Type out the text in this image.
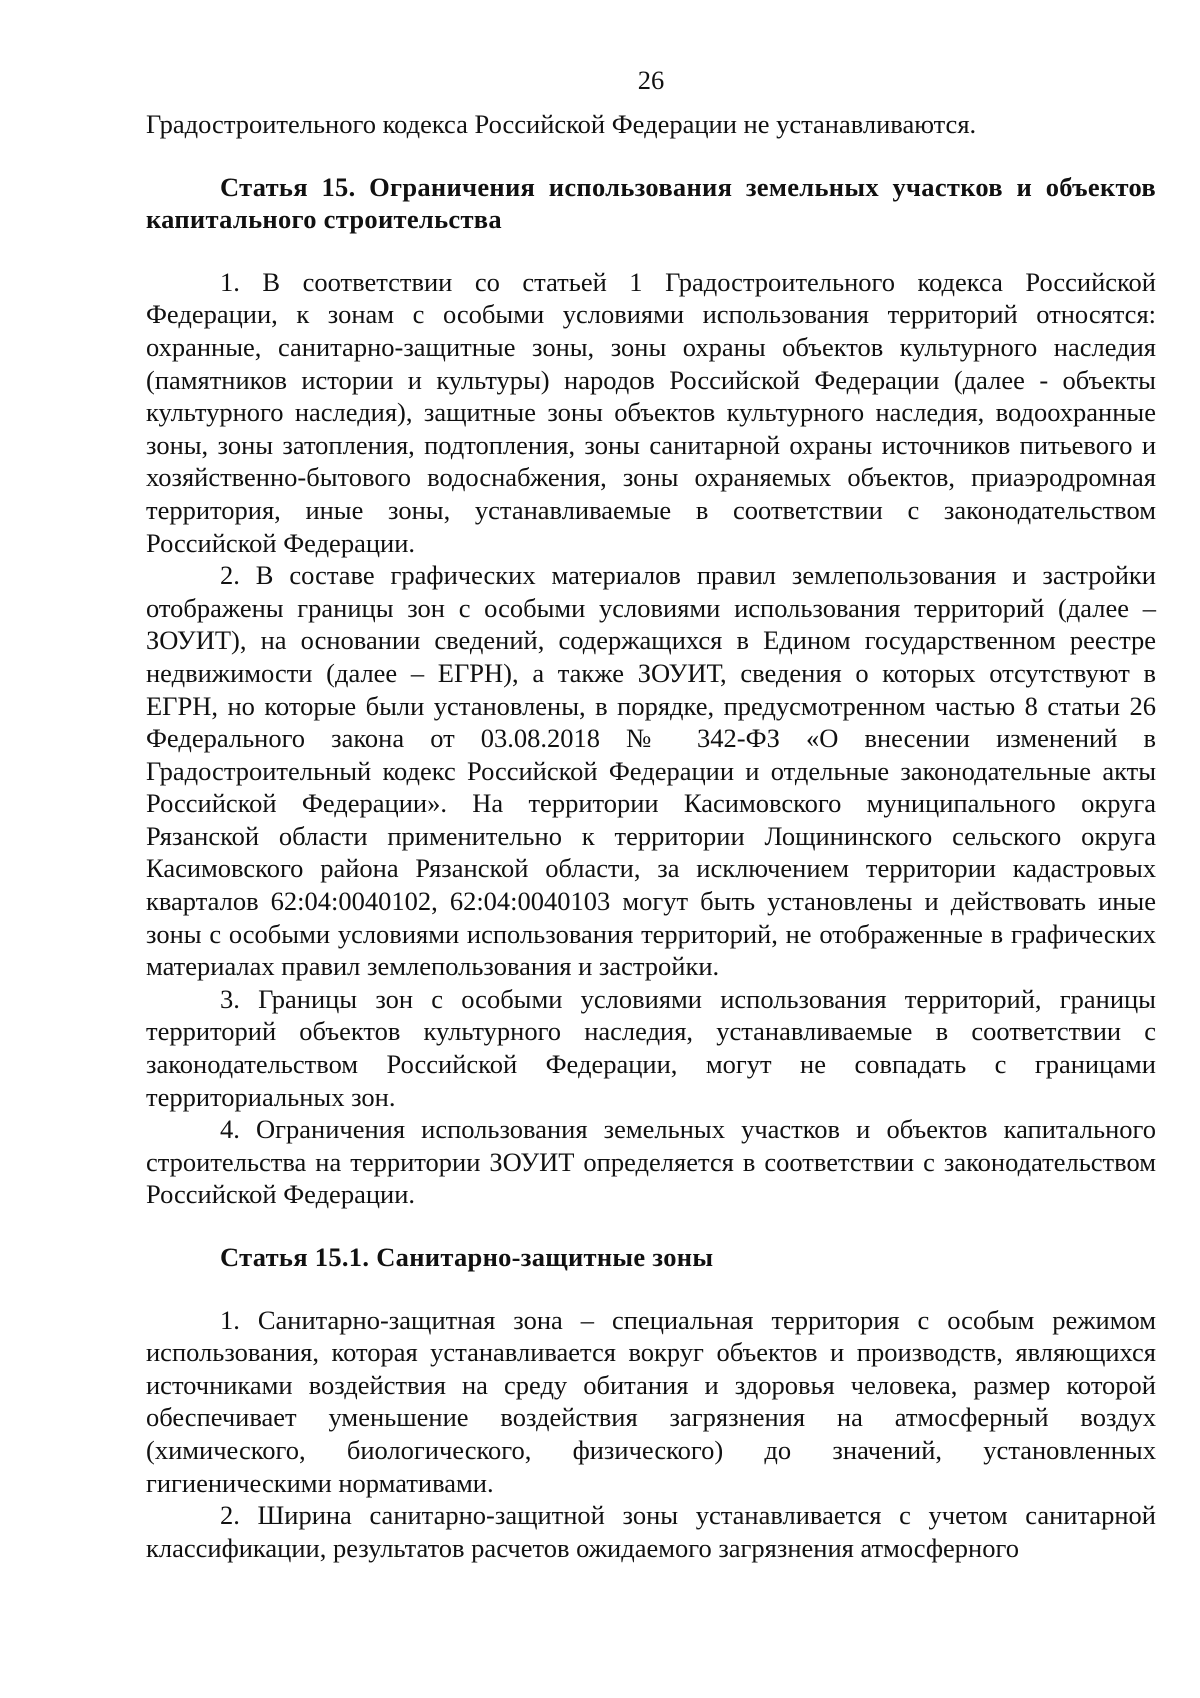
26

Градостроительного кодекса Российской Федерации не устанавливаются.

Статья 15. Ограничения использования земельных участков и объектов капитального строительства

1. В соответствии со статьей 1 Градостроительного кодекса Российской Федерации, к зонам с особыми условиями использования территорий относятся: охранные, санитарно-защитные зоны, зоны охраны объектов культурного наследия (памятников истории и культуры) народов Российской Федерации (далее - объекты культурного наследия), защитные зоны объектов культурного наследия, водоохранные зоны, зоны затопления, подтопления, зоны санитарной охраны источников питьевого и хозяйственно-бытового водоснабжения, зоны охраняемых объектов, приаэродромная территория, иные зоны, устанавливаемые в соответствии с законодательством Российской Федерации.

2. В составе графических материалов правил землепользования и застройки отображены границы зон с особыми условиями использования территорий (далее – ЗОУИТ), на основании сведений, содержащихся в Едином государственном реестре недвижимости (далее – ЕГРН), а также ЗОУИТ, сведения о которых отсутствуют в ЕГРН, но которые были установлены, в порядке, предусмотренном частью 8 статьи 26 Федерального закона от 03.08.2018 № 342-ФЗ «О внесении изменений в Градостроительный кодекс Российской Федерации и отдельные законодательные акты Российской Федерации». На территории Касимовского муниципального округа Рязанской области применительно к территории Лощининского сельского округа Касимовского района Рязанской области, за исключением территории кадастровых кварталов 62:04:0040102, 62:04:0040103 могут быть установлены и действовать иные зоны с особыми условиями использования территорий, не отображенные в графических материалах правил землепользования и застройки.

3. Границы зон с особыми условиями использования территорий, границы территорий объектов культурного наследия, устанавливаемые в соответствии с законодательством Российской Федерации, могут не совпадать с границами территориальных зон.

4. Ограничения использования земельных участков и объектов капитального строительства на территории ЗОУИТ определяется в соответствии с законодательством Российской Федерации.

Статья 15.1. Санитарно-защитные зоны

1. Санитарно-защитная зона – специальная территория с особым режимом использования, которая устанавливается вокруг объектов и производств, являющихся источниками воздействия на среду обитания и здоровья человека, размер которой обеспечивает уменьшение воздействия загрязнения на атмосферный воздух (химического, биологического, физического) до значений, установленных гигиеническими нормативами.

2. Ширина санитарно-защитной зоны устанавливается с учетом санитарной классификации, результатов расчетов ожидаемого загрязнения атмосферного
